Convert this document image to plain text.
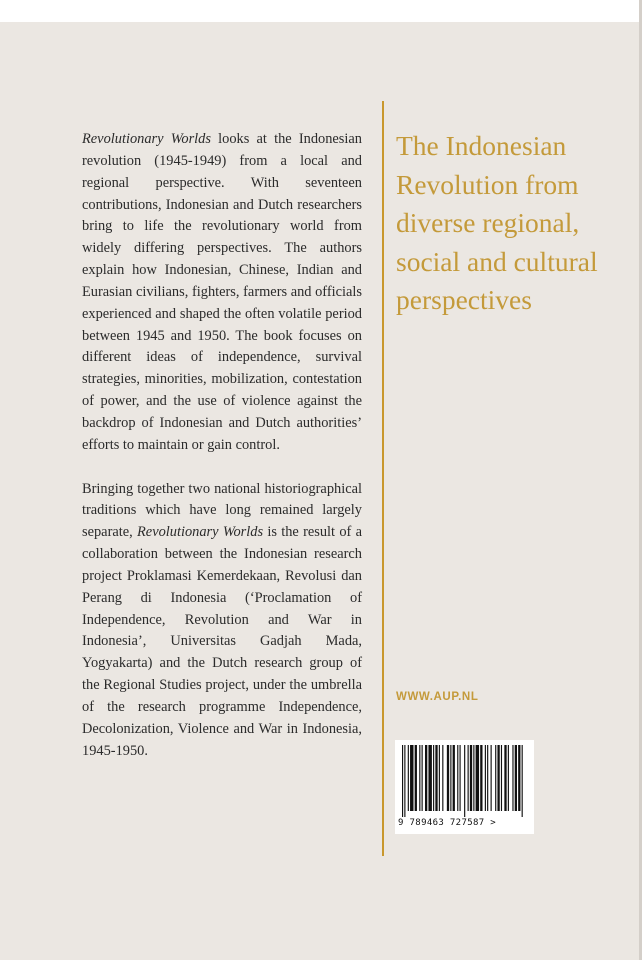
Revolutionary Worlds looks at the Indonesian revolution (1945-1949) from a local and regional perspective. With seventeen contributions, Indonesian and Dutch researchers bring to life the revolutionary world from widely differing perspectives. The authors explain how Indonesian, Chinese, Indian and Eurasian civilians, fighters, farmers and officials experienced and shaped the often volatile period between 1945 and 1950. The book focuses on different ideas of independence, survival strategies, minorities, mobilization, contestation of power, and the use of violence against the backdrop of Indonesian and Dutch authorities’ efforts to maintain or gain control.

Bringing together two national historiographical traditions which have long remained largely separate, Revolutionary Worlds is the result of a collaboration between the Indonesian research project Proklamasi Kemerdekaan, Revolusi dan Perang di Indonesia (‘Proclamation of Independence, Revolution and War in Indonesia’, Universitas Gadjah Mada, Yogyakarta) and the Dutch research group of the Regional Studies project, under the umbrella of the research programme Independence, Decolonization, Violence and War in Indonesia, 1945-1950.

The Indonesian Revolution from diverse regional, social and cultural perspectives
WWW.AUP.NL
9 789463 727587 >
